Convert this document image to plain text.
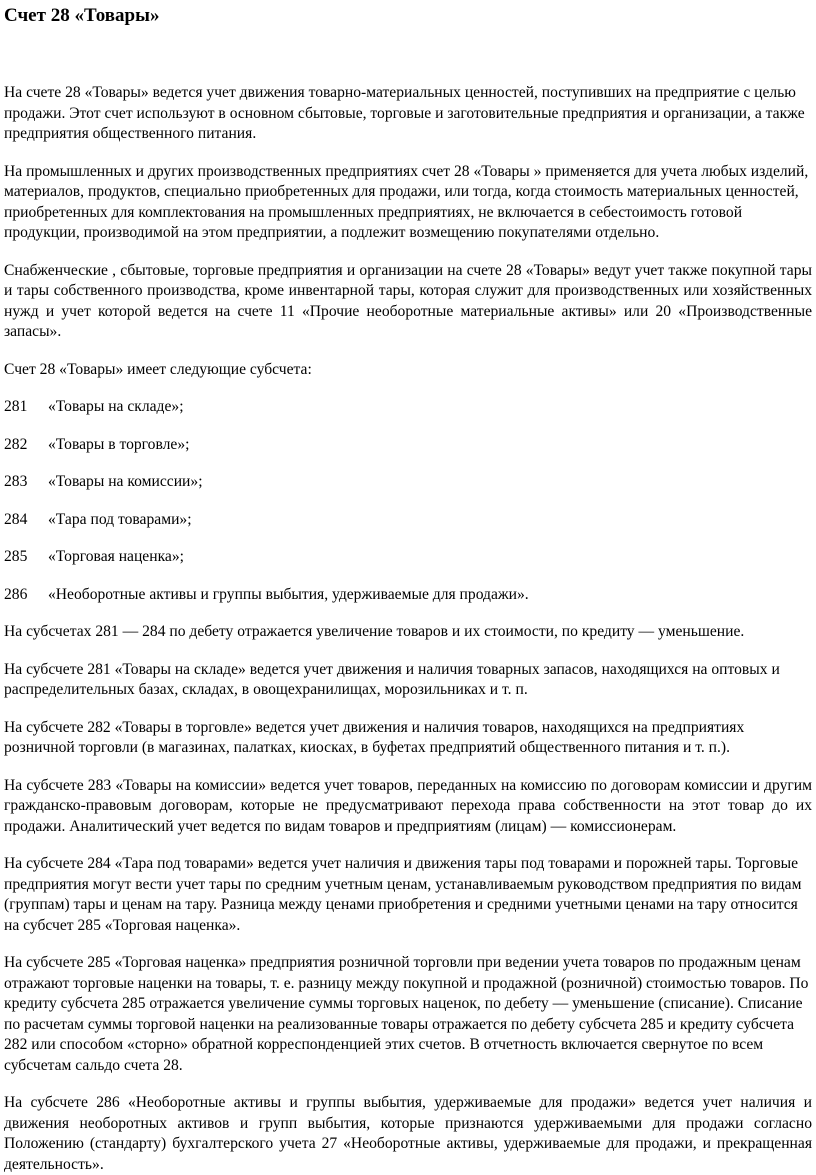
Счет 28 «Товары»

На счете 28 «Товары» ведется учет движения товарно-материальных ценностей, поступивших на предприятие с целью продажи. Этот счет используют в основном сбытовые, торговые и заготовительные предприятия и организации, а также предприятия общественного питания.

На промышленных и других производственных предприятиях счет 28 «Товары » применяется для учета любых изделий, материалов, продуктов, специально приобретенных для продажи, или тогда, когда стоимость материальных ценностей, приобретенных для комплектования на промышленных предприятиях, не включается в себестоимость готовой продукции, производимой на этом предприятии, а подлежит возмещению покупателями отдельно.

Снабженческие , сбытовые, торговые предприятия и организации на счете 28 «Товары» ведут учет также покупной тары и тары собственного производства, кроме инвентарной тары, которая служит для производственных или хозяйственных нужд и учет которой ведется на счете 11 «Прочие необоротные материальные активы» или 20 «Производственные запасы».

Счет 28 «Товары» имеет следующие субсчета:

281	«Товары на складе»;
282	«Товары в торговле»;
283	«Товары на комиссии»;
284	«Тара под товарами»;
285	«Торговая наценка»;
286	«Необоротные активы и группы выбытия, удерживаемые для продажи».

На субсчетах 281 — 284 по дебету отражается увеличение товаров и их стоимости, по кредиту — уменьшение.

На субсчете 281 «Товары на складе» ведется учет движения и наличия товарных запасов, находящихся на оптовых и распределительных базах, складах, в овощехранилищах, морозильниках и т. п.

На субсчете 282 «Товары в торговле» ведется учет движения и наличия товаров, находящихся на предприятиях
розничной торговли (в магазинах, палатках, киосках, в буфетах предприятий общественного питания и т. п.).

На субсчете 283 «Товары на комиссии» ведется учет товаров, переданных на комиссию по договорам комиссии и другим гражданско-правовым договорам, которые не предусматривают перехода права собственности на этот товар до их продажи. Аналитический учет ведется по видам товаров и предприятиям (лицам) — комиссионерам.

На субсчете 284 «Тара под товарами» ведется учет наличия и движения тары под товарами и порожней тары. Торговые предприятия могут вести учет тары по средним учетным ценам, устанавливаемым руководством предприятия по видам (группам) тары и ценам на тару. Разница между ценами приобретения и средними учетными ценами на тару относится на субсчет 285 «Торговая наценка».

На субсчете 285 «Торговая наценка» предприятия розничной торговли при ведении учета товаров по продажным ценам отражают торговые наценки на товары, т. е. разницу между покупной и продажной (розничной) стоимостью товаров. По кредиту субсчета 285 отражается увеличение суммы торговых наценок, по дебету — уменьшение (списание). Списание по расчетам суммы торговой наценки на реализованные товары отражается по дебету субсчета 285 и кредиту субсчета 282 или способом «сторно» обратной корреспонденцией этих счетов. В отчетность включается свернутое по всем субсчетам сальдо счета 28.

На субсчете 286 «Необоротные активы и группы выбытия, удерживаемые для продажи» ведется учет наличия и движения необоротных активов и групп выбытия, которые признаются удерживаемыми для продажи согласно Положению (стандарту) бухгалтерского учета 27 «Необоротные активы, удерживаемые для продажи, и прекращенная деятельность».
